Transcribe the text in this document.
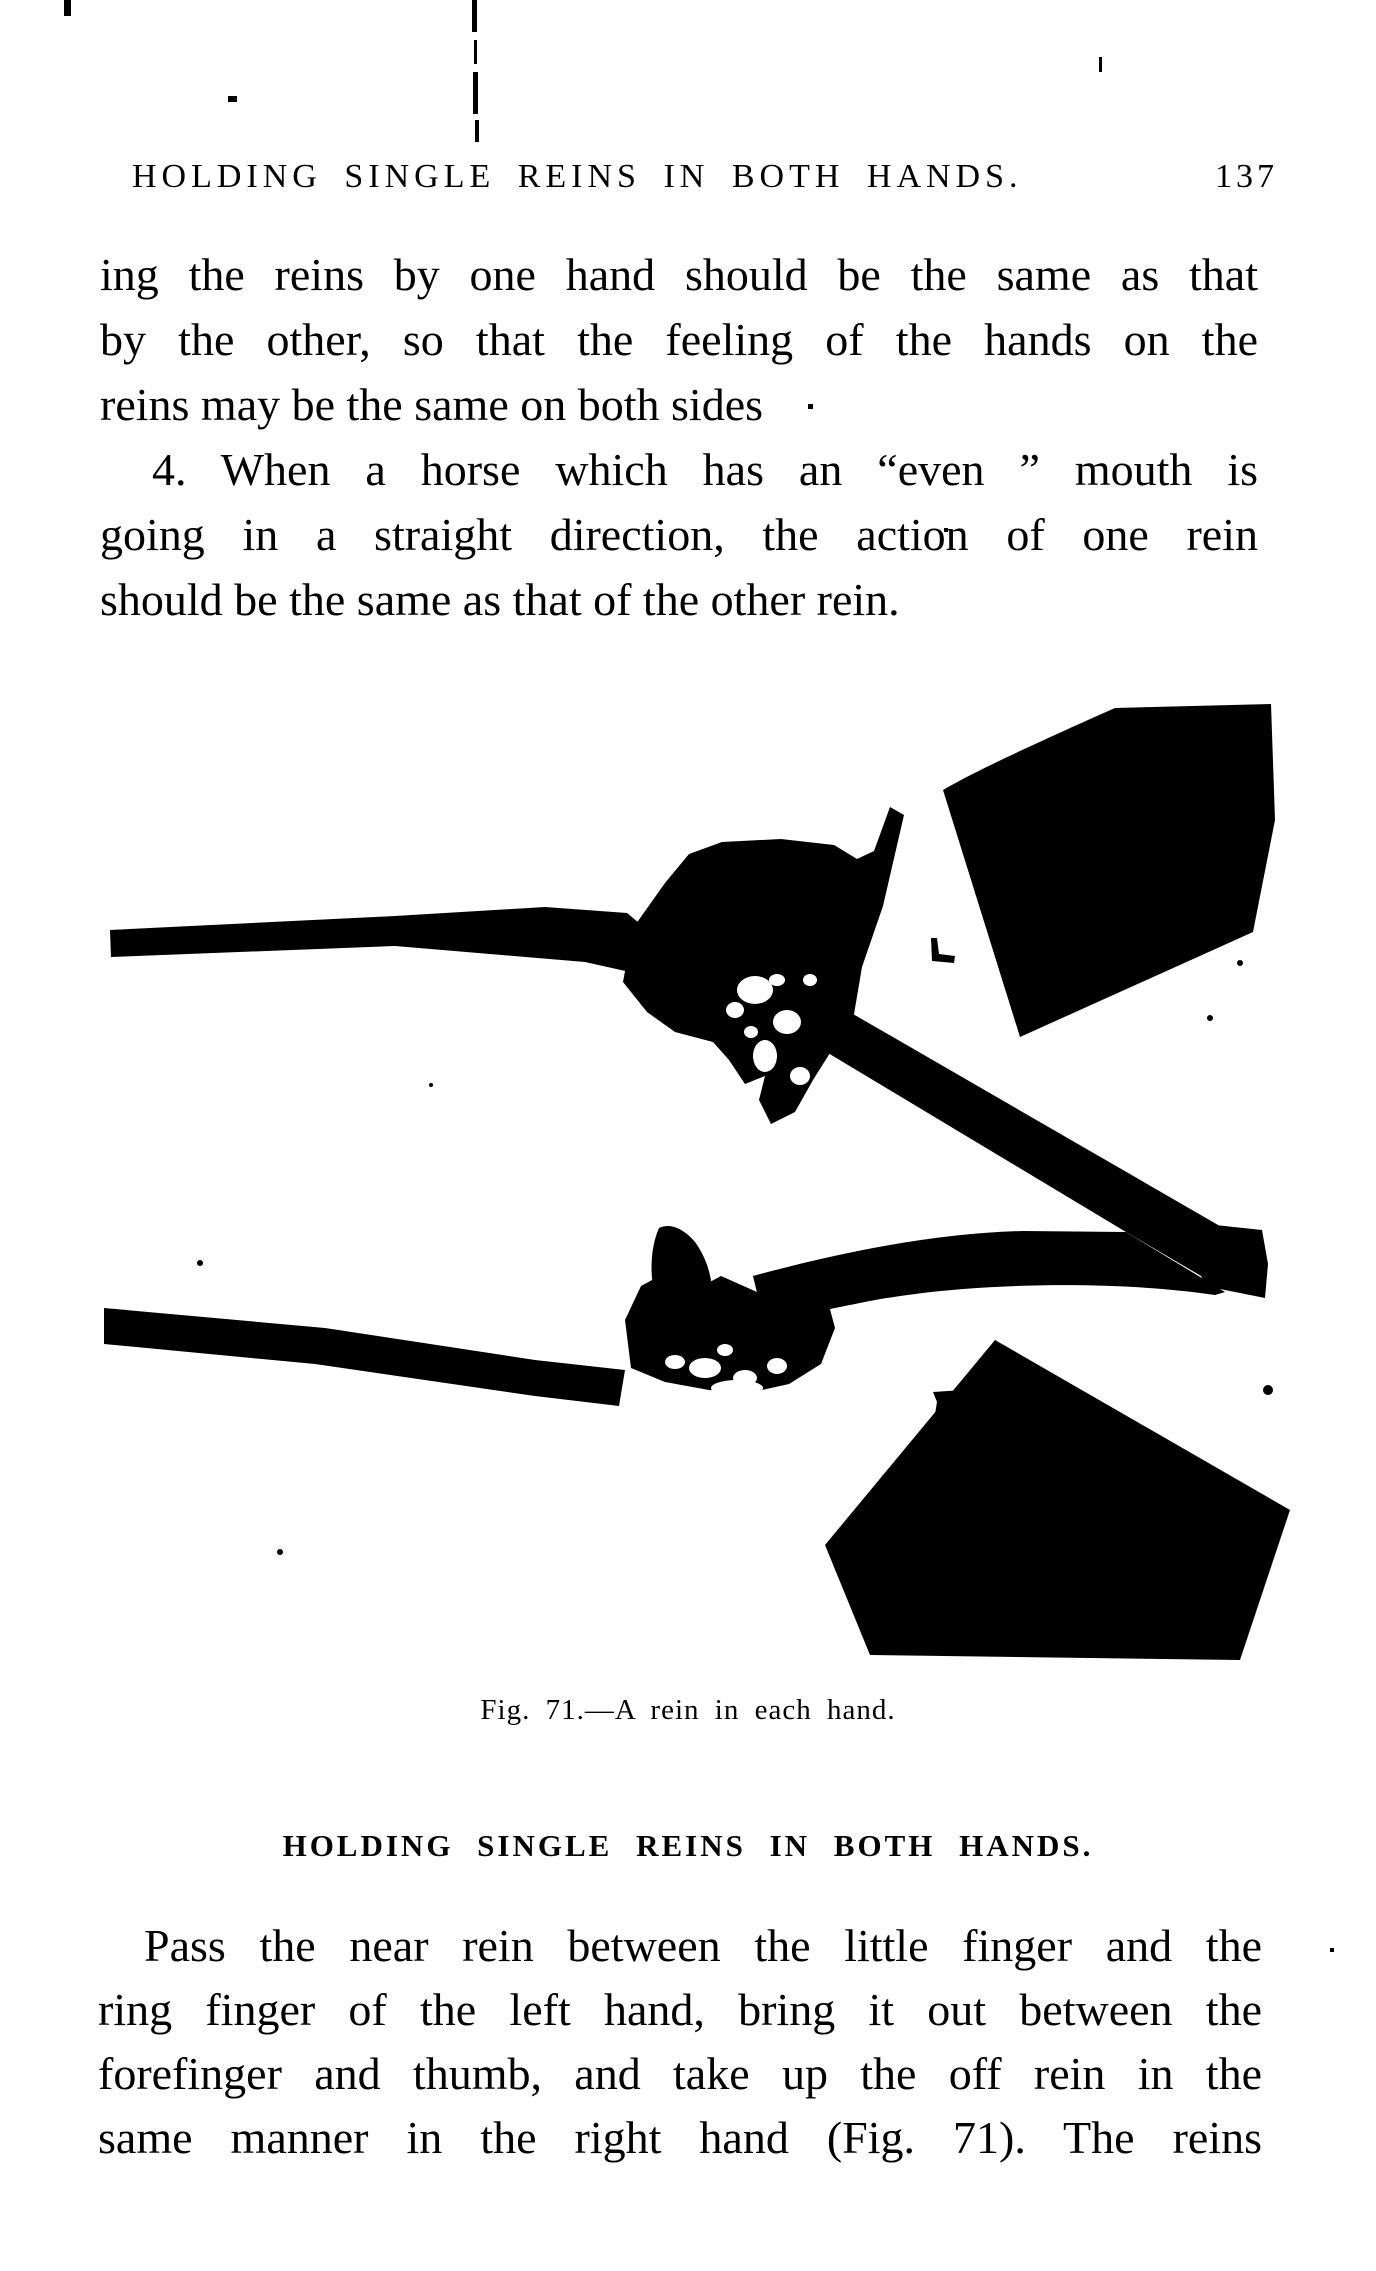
HOLDING SINGLE REINS IN BOTH HANDS.	137
ing the reins by one hand should be the same as that
by the other, so that the feeling of the hands on the
reins may be the same on both sides
4. When a horse which has an “even ” mouth is
going in a straight direction, the action of one rein
should be the same as that of the other rein.
Fig. 71.—A rein in each hand.
HOLDING SINGLE REINS IN BOTH HANDS.
Pass the near rein between the little finger and the
ring finger of the left hand, bring it out between the
forefinger and thumb, and take up the off rein in the
same manner in the right hand (Fig. 71). The reins
